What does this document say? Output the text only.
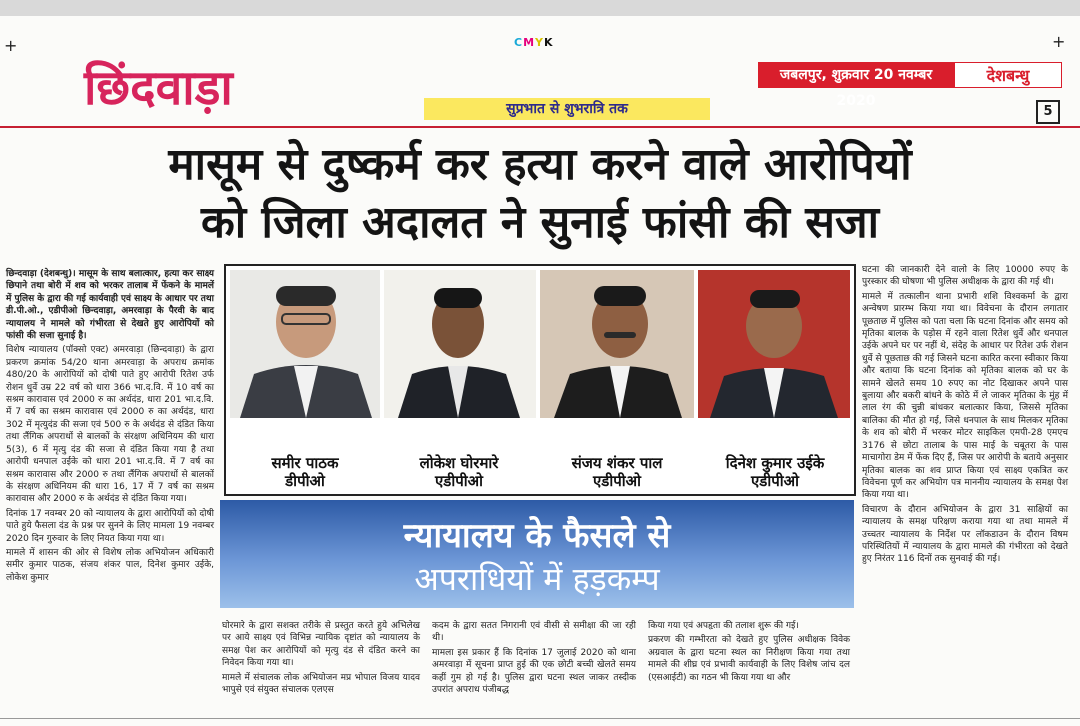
+	+
CMYK
छिंदवाड़ा	सुप्रभात से शुभरात्रि तक
जबलपुर, शुक्रवार 20 नवम्बर 2020
देशबन्धु
5
मासूम से दुष्कर्म कर हत्या करने वाले आरोपियों
को जिला अदालत ने सुनाई फांसी की सजा

छिन्दवाड़ा (देशबन्धु)। मासूम के साथ बलात्कार, हत्या कर साक्ष्य छिपाने तथा बोरी में शव को भरकर तालाब में फेंकने के मामलें में पुलिस के द्वारा की गई कार्यवाही एवं साक्ष्य के आधार पर तथा डी.पी.ओ., एडीपीओ छिन्दवाड़ा, अमरवाड़ा के पैरवी के बाद न्यायालय ने मामले को गंभीरता से देखते हुए आरोपियों को फांसी की सजा सुनाई है।

विशेष न्यायालय (पॉक्सो एक्ट) अमरवाड़ा (छिन्दवाड़ा) के द्वारा प्रकरण क्रमांक 54/20 थाना अमरवाड़ा के अपराध क्रमांक 480/20 के आरोपियों को दोषी पाते हुए आरोपी रितेश उर्फ रोशन धुर्वे उम्र 22 वर्ष को धारा 366 भा.द.वि. में 10 वर्ष का सश्रम कारावास एवं 2000 रु का अर्थदंड, धारा 201 भा.द.वि. में 7 वर्ष का सश्रम कारावास एवं 2000 रु का अर्थदंड, धारा 302 में मृत्युदंड की सजा एवं 500 रु के अर्थदंड से दंडित किया तथा लैंगिक अपराधों से बालकों के संरक्षण अधिनियम की धारा 5(3), 6 में मृत्यु दंड की सजा से दंडित किया गया है तथा आरोपी धनपाल उईके को धारा 201 भा.द.वि. में 7 वर्ष का सश्रम कारावास और 2000 रु तथा लैंगिक अपराधों से बालकों के संरक्षण अधिनियम की धारा 16, 17 में 7 वर्ष का सश्रम कारावास और 2000 रु के अर्थदंड से दंडित किया गया।

दिनांक 17 नवम्बर 20 को न्यायालय के द्वारा आरोपियों को दोषी पाते हुये फैसला दंड के प्रश्न पर सुनने के लिए मामला 19 नवम्बर 2020 दिन गुरुवार के लिए नियत किया गया था।

मामले में शासन की ओर से विशेष लोक अभियोजन अधिकारी समीर कुमार पाठक, संजय शंकर पाल, दिनेश कुमार उईके, लोकेश कुमार

समीर पाठक
डीपीओ
लोकेश घोरमारे
एडीपीओ
संजय शंकर पाल
एडीपीओ
दिनेश कुमार उईके
एडीपीओ
न्यायालय के फैसले से
अपराधियों में हड़कम्प

घोरमारे के द्वारा सशक्त तरीके से प्रस्तुत करते हुये अभिलेख पर आये साक्ष्य एवं विभिन्न न्यायिक दृष्टांत को न्यायालय के समक्ष पेश कर आरोपियों को मृत्यु दंड से दंडित करने का निवेदन किया गया था।

मामले में संचालक लोक अभियोजन मप्र भोपाल विजय यादव भापुसे एवं संयुक्त संचालक एलएस

कदम के द्वारा सतत निगरानी एवं वीसी से समीक्षा की जा रही थी।

मामला इस प्रकार हैं कि दिनांक 17 जुलाई 2020 को थाना अमरवाड़ा में सूचना प्राप्त हुई की एक छोटी बच्ची खेलते समय कहीं गुम हो गई है। पुलिस द्वारा घटना स्थल जाकर तस्दीक उपरांत अपराध पंजीबद्ध

किया गया एवं अपहृता की तलाश शुरू की गई।

प्रकरण की गम्भीरता को देखते हुए पुलिस अधीक्षक विवेक अग्रवाल के द्वारा घटना स्थल का निरीक्षण किया गया तथा मामले की शीघ्र एवं प्रभावी कार्यवाही के लिए विशेष जांच दल (एसआईटी) का गठन भी किया गया था और

घटना की जानकारी देने वालो के लिए 10000 रुपए के पुरस्कार की घोषणा भी पुलिस अधीक्षक के द्वारा की गई थी।

मामले में तत्कालीन थाना प्रभारी शशि विश्वकर्मा के द्वारा अन्वेषण प्रारम्भ किया गया था। विवेचना के दौरान लगातार पूछताछ में पुलिस को पता चला कि घटना दिनांक और समय को मृतिका बालक के पड़ोस में रहने वाला रितेश धुर्वे और धनपाल उईके अपने घर पर नहीं थे, संदेह के आधार पर रितेश उर्फ रोशन धुर्वे से पूछताछ की गई जिसने घटना कारित करना स्वीकार किया और बताया कि घटना दिनांक को मृतिका बालक को घर के सामने खेलते समय 10 रुपए का नोट दिखाकर अपने पास बुलाया और बकरी बांधने के कोठे में ले जाकर मृतिका के मुंह में लाल रंग की चुन्नी बांधकर बलात्कार किया, जिससे मृतिका बालिका की मौत हो गई, जिसे धनपाल के साथ मिलकर मृतिका के शव को बोरी में भरकर मोटर साइकिल एमपी-28 एमएच 3176 से छोटा तालाब के पास माई के चबूतरा के पास माचागोरा डेम में फेंक दिए हैं, जिस पर आरोपी के बताये अनुसार मृतिका बालक का शव प्राप्त किया एवं साक्ष्य एकत्रित कर विवेचना पूर्ण कर अभियोग पत्र माननीय न्यायालय के समक्ष पेश किया गया था।

विचारण के दौरान अभियोजन के द्वारा 31 साक्षियों का न्यायालय के समक्ष परिक्षण कराया गया था तथा मामले में उच्चतर न्यायालय के निर्देश पर लॉकडाउन के दौरान विषम परिस्थितियों में न्यायालय के द्वारा मामले की गंभीरता को देखते हुए निरंतर 116 दिनों तक सुनवाई की गई।
